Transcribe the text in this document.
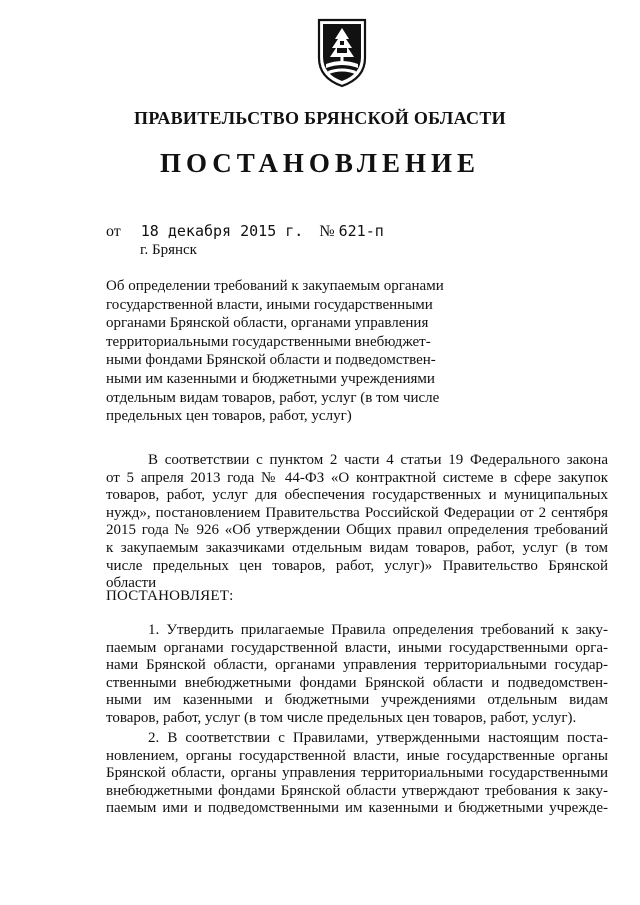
ПРАВИТЕЛЬСТВО БРЯНСКОЙ ОБЛАСТИ
ПОСТАНОВЛЕНИЕ
от 18 декабря 2015 г. № 621-п
г. Брянск
Об определении требований к закупаемым органами
государственной власти, иными государственными
органами Брянской области, органами управления
территориальными государственными внебюджет-
ными фондами Брянской области и подведомствен-
ными им казенными и бюджетными учреждениями
отдельным видам товаров, работ, услуг (в том числе
предельных цен товаров, работ, услуг)
В соответствии с пунктом 2 части 4 статьи 19 Федерального закона
от 5 апреля 2013 года № 44-ФЗ «О контрактной системе в сфере закупок
товаров, работ, услуг для обеспечения государственных и муниципальных
нужд», постановлением Правительства Российской Федерации от 2 сентября
2015 года № 926 «Об утверждении Общих правил определения требований
к закупаемым заказчиками отдельным видам товаров, работ, услуг (в том
числе предельных цен товаров, работ, услуг)» Правительство Брянской
области
ПОСТАНОВЛЯЕТ:
1. Утвердить прилагаемые Правила определения требований к заку-
паемым органами государственной власти, иными государственными орга-
нами Брянской области, органами управления территориальными государ-
ственными внебюджетными фондами Брянской области и подведомствен-
ными им казенными и бюджетными учреждениями отдельным видам
товаров, работ, услуг (в том числе предельных цен товаров, работ, услуг).
2. В соответствии с Правилами, утвержденными настоящим поста-
новлением, органы государственной власти, иные государственные органы
Брянской области, органы управления территориальными государственными
внебюджетными фондами Брянской области утверждают требования к заку-
паемым ими и подведомственными им казенными и бюджетными учрежде-
